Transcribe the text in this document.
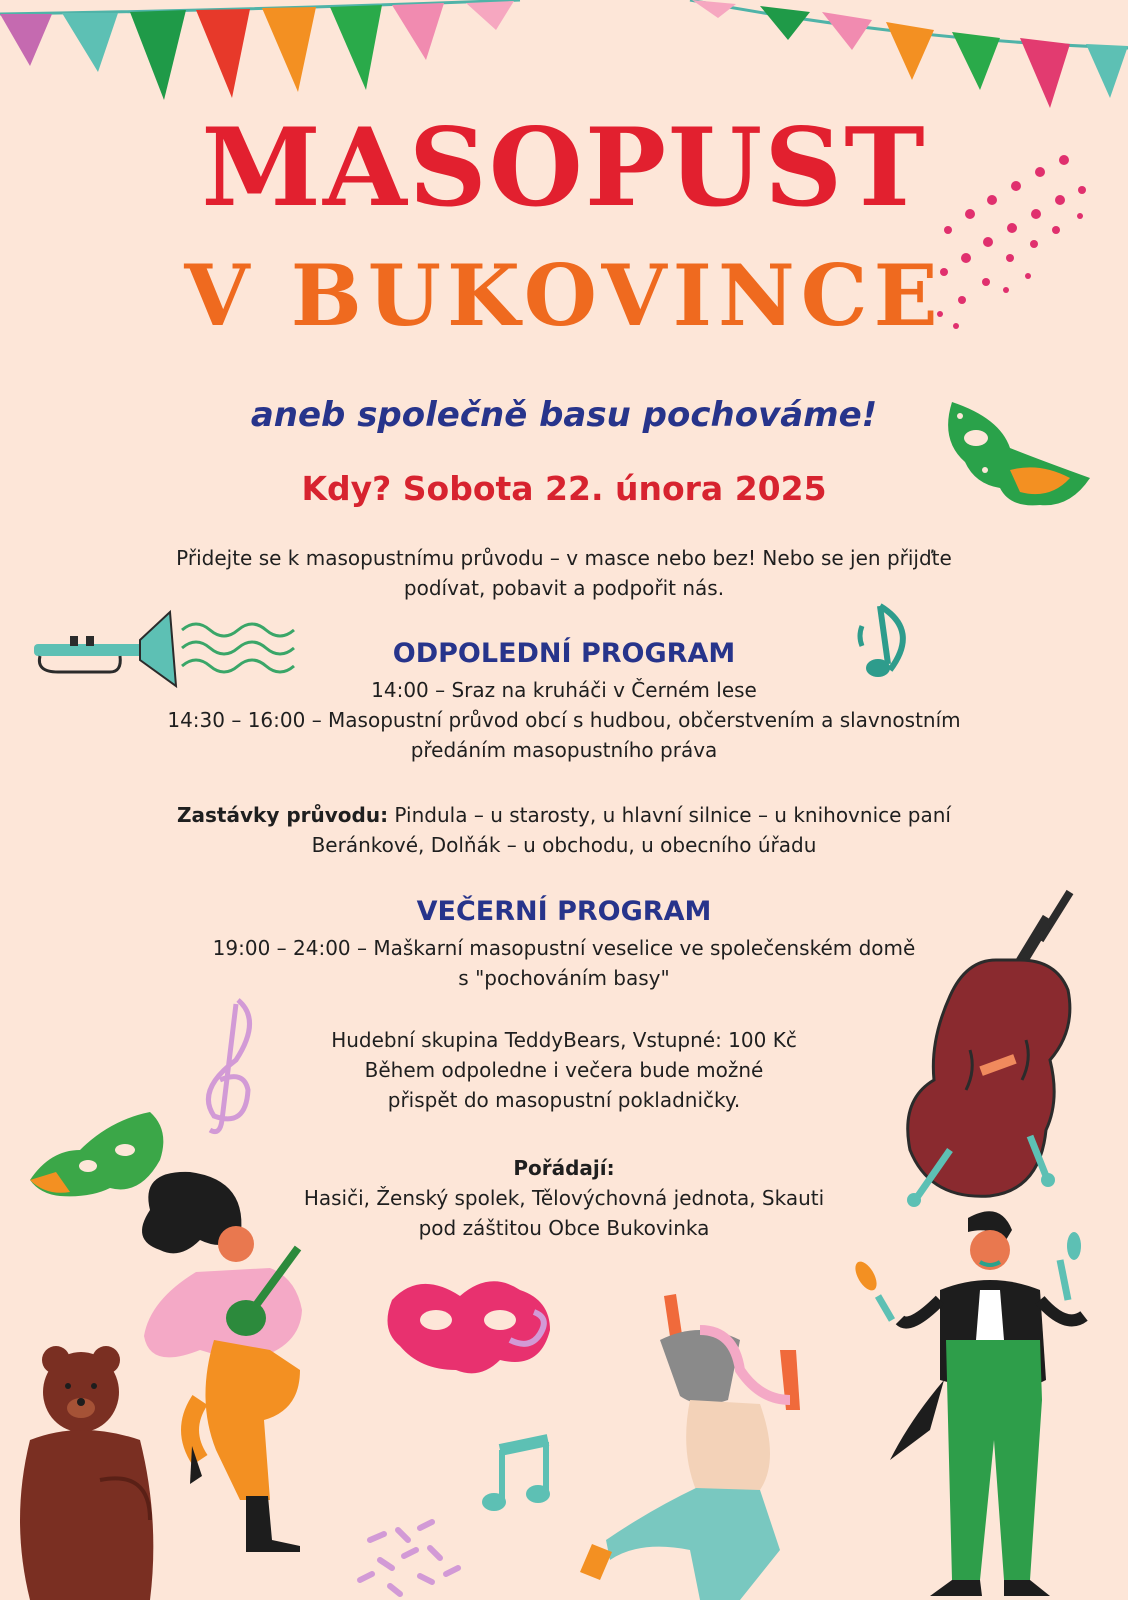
MASOPUST
V BUKOVINCE
aneb společně basu pochováme!
Kdy? Sobota 22. února 2025
Přidejte se k masopustnímu průvodu – v masce nebo bez! Nebo se jen přijďte
podívat, pobavit a podpořit nás.
ODPOLEDNÍ PROGRAM
14:00 – Sraz na kruháči v Černém lese
14:30 – 16:00 – Masopustní průvod obcí s hudbou, občerstvením a slavnostním
předáním masopustního práva
Zastávky průvodu: Pindula – u starosty, u hlavní silnice – u knihovnice paní
Beránkové, Dolňák – u obchodu, u obecního úřadu
VEČERNÍ PROGRAM
19:00 – 24:00 – Maškarní masopustní veselice ve společenském domě
s "pochováním basy"
Hudební skupina TeddyBears, Vstupné: 100 Kč
Během odpoledne i večera bude možné
přispět do masopustní pokladničky.
Pořádají:
Hasiči, Ženský spolek, Tělovýchovná jednota, Skauti
pod záštitou Obce Bukovinka
